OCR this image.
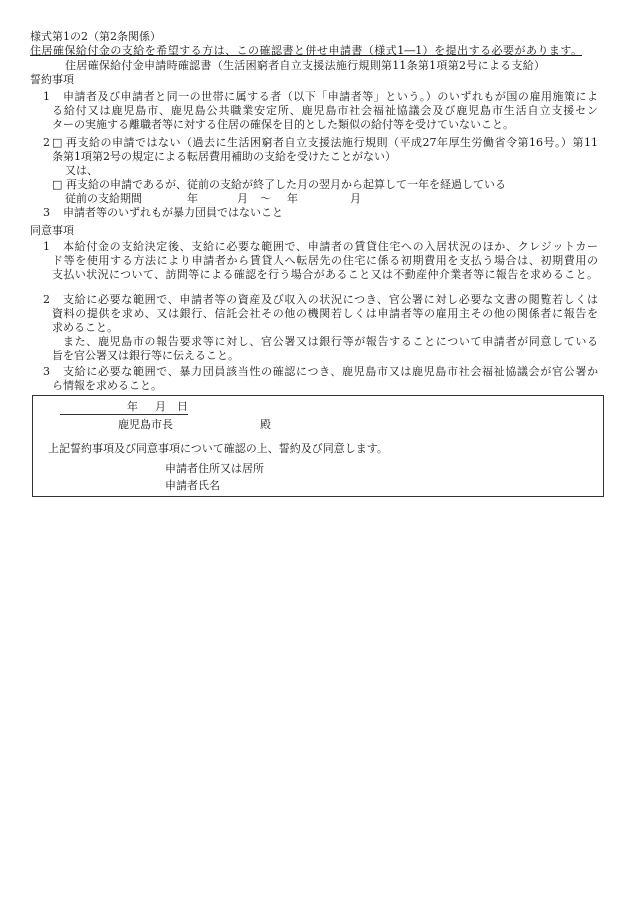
様式第1の2（第2条関係）
住居確保給付金の支給を希望する方は、この確認書と併せ申請書（様式1―1）を提出する必要があります。
住居確保給付金申請時確認書（生活困窮者自立支援法施行規則第11条第1項第2号による支給）
誓約事項
1 申請者及び申請者と同一の世帯に属する者（以下「申請者等」という。）のいずれもが国の雇用施策によ
る給付又は鹿児島市、鹿児島公共職業安定所、鹿児島市社会福祉協議会及び鹿児島市生活自立支援セン
ターの実施する離職者等に対する住居の確保を目的とした類似の給付等を受けていないこと。
2 □ 再支給の申請ではない（過去に生活困窮者自立支援法施行規則（平成27年厚生労働省令第16号。）第11
条第1項第2号の規定による転居費用補助の支給を受けたことがない）
又は、
□ 再支給の申請であるが、従前の支給が終了した月の翌月から起算して一年を経過している
従前の支給期間	年	月 ～ 年	月
3 申請者等のいずれもが暴力団員ではないこと
同意事項
1 本給付金の支給決定後、支給に必要な範囲で、申請者の賃貸住宅への入居状況のほか、クレジットカー
ド等を使用する方法により申請者から賃貸人へ転居先の住宅に係る初期費用を支払う場合は、初期費用の
支払い状況について、訪問等による確認を行う場合があること又は不動産仲介業者等に報告を求めること。
2 支給に必要な範囲で、申請者等の資産及び収入の状況につき、官公署に対し必要な文書の閲覧若しくは
資料の提供を求め、又は銀行、信託会社その他の機関若しくは申請者等の雇用主その他の関係者に報告を
求めること。
また、鹿児島市の報告要求等に対し、官公署又は銀行等が報告することについて申請者が同意している
旨を官公署又は銀行等に伝えること。
3 支給に必要な範囲で、暴力団員該当性の確認につき、鹿児島市又は鹿児島市社会福祉協議会が官公署か
ら情報を求めること。
年 月 日
鹿児島市長	殿
上記誓約事項及び同意事項について確認の上、誓約及び同意します。
申請者住所又は居所
申請者氏名
